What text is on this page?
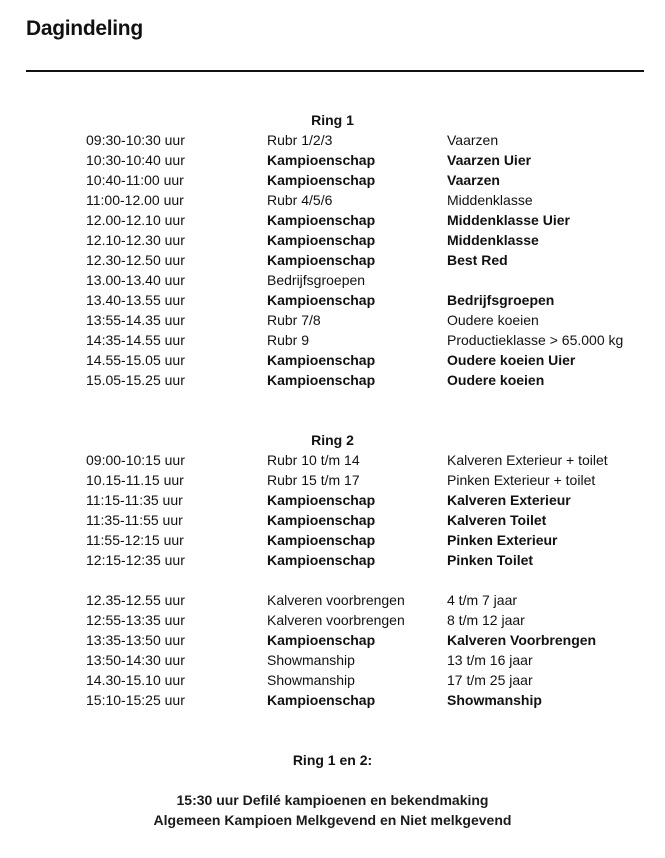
Dagindeling
Ring 1
09:30-10:30 uur	Rubr 1/2/3	Vaarzen
10:30-10:40 uur	Kampioenschap	Vaarzen Uier
10:40-11:00 uur	Kampioenschap	Vaarzen
11:00-12.00 uur	Rubr 4/5/6	Middenklasse
12.00-12.10 uur	Kampioenschap	Middenklasse Uier
12.10-12.30 uur	Kampioenschap	Middenklasse
12.30-12.50 uur	Kampioenschap	Best Red
13.00-13.40 uur	Bedrijfsgroepen
13.40-13.55 uur	Kampioenschap	Bedrijfsgroepen
13:55-14.35 uur	Rubr 7/8	Oudere koeien
14:35-14.55 uur	Rubr 9	Productieklasse > 65.000 kg
14.55-15.05 uur	Kampioenschap	Oudere koeien Uier
15.05-15.25 uur	Kampioenschap	Oudere koeien
Ring 2
09:00-10:15 uur	Rubr 10 t/m 14	Kalveren Exterieur + toilet
10.15-11.15 uur	Rubr 15 t/m 17	Pinken Exterieur + toilet
11:15-11:35 uur	Kampioenschap	Kalveren Exterieur
11:35-11:55 uur	Kampioenschap	Kalveren Toilet
11:55-12:15 uur	Kampioenschap	Pinken Exterieur
12:15-12:35 uur	Kampioenschap	Pinken Toilet
12.35-12.55 uur	Kalveren voorbrengen	4 t/m 7 jaar
12:55-13:35 uur	Kalveren voorbrengen	8 t/m 12 jaar
13:35-13:50 uur	Kampioenschap	Kalveren Voorbrengen
13:50-14:30 uur	Showmanship	13 t/m 16 jaar
14.30-15.10 uur	Showmanship	17 t/m 25 jaar
15:10-15:25 uur	Kampioenschap	Showmanship
Ring 1 en 2:
15:30 uur Defilé kampioenen en bekendmaking
Algemeen Kampioen Melkgevend en Niet melkgevend
